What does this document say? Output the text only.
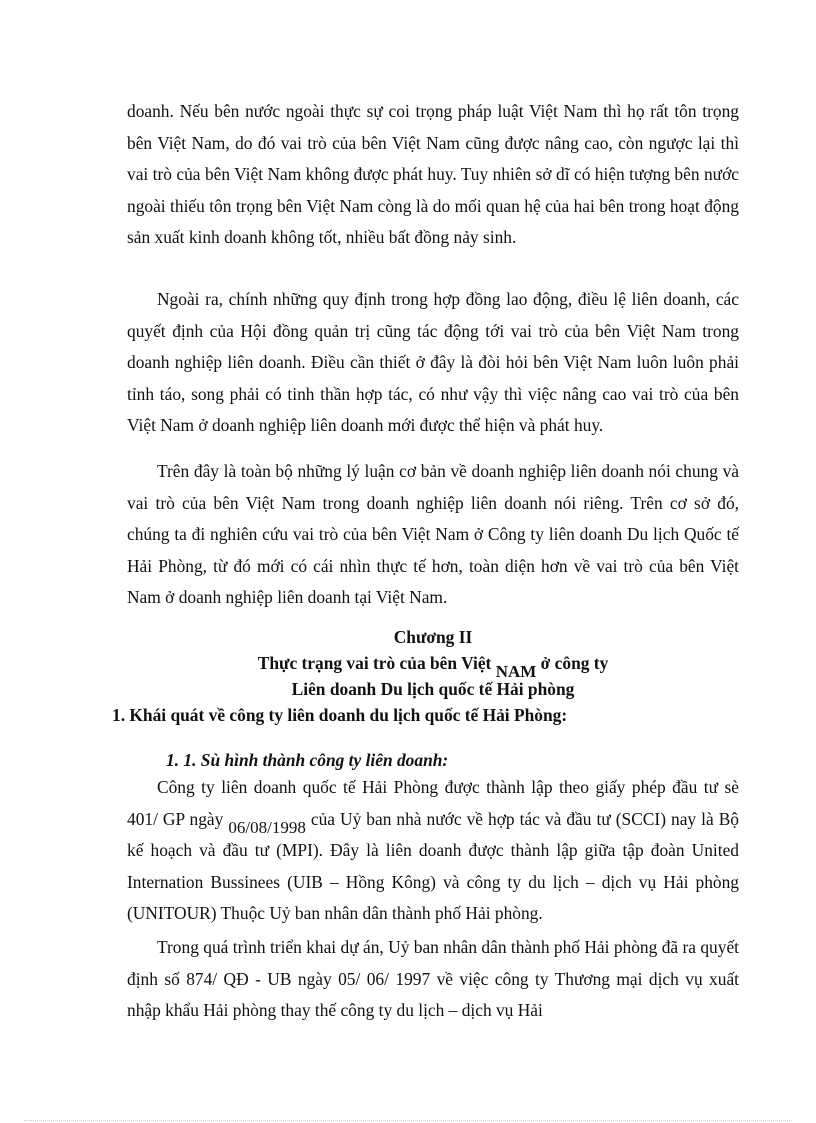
doanh. Nếu bên nước ngoài thực sự coi trọng pháp luật Việt Nam thì họ rất tôn trọng bên Việt Nam, do đó vai trò của bên Việt Nam cũng được nâng cao, còn ngược lại thì vai trò của bên Việt Nam không được phát huy. Tuy nhiên sở dĩ có hiện tượng bên nước ngoài thiếu tôn trọng bên Việt Nam còng là do mối quan hệ của hai bên trong hoạt động sản xuất kinh doanh không tốt, nhiều bất đồng nảy sinh.

Ngoài ra, chính những quy định trong hợp đồng lao động, điều lệ liên doanh, các quyết định của Hội đồng quản trị cũng tác động tới vai trò của bên Việt Nam trong doanh nghiệp liên doanh. Điều cần thiết ở đây là đòi hỏi bên Việt Nam luôn luôn phải tỉnh táo, song phải có tinh thần hợp tác, có như vậy thì việc nâng cao vai trò của bên Việt Nam ở doanh nghiệp liên doanh mới được thể hiện và phát huy.

Trên đây là toàn bộ những lý luận cơ bản về doanh nghiệp liên doanh nói chung và vai trò của bên Việt Nam trong doanh nghiệp liên doanh nói riêng. Trên cơ sở đó, chúng ta đi nghiên cứu vai trò của bên Việt Nam ở Công ty liên doanh Du lịch Quốc tế Hải Phòng, từ đó mới có cái nhìn thực tế hơn, toàn diện hơn về vai trò của bên Việt Nam ở doanh nghiệp liên doanh tại Việt Nam.

Chương II

Thực trạng vai trò của bên Việt NAM ở công ty

Liên doanh Du lịch quốc tế Hải phòng

1. Khái quát về công ty liên doanh du lịch quốc tế Hải Phòng:

1. 1. Sù hình thành công ty liên doanh:

Công ty liên doanh quốc tế Hải Phòng được thành lập theo giấy phép đầu tư sè 401/ GP ngày 06/08/1998 của Uỷ ban nhà nước về hợp tác và đầu tư (SCCI) nay là Bộ kế hoạch và đầu tư (MPI). Đây là liên doanh được thành lập giữa tập đoàn United Internation Bussinees (UIB – Hồng Kông) và công ty du lịch – dịch vụ Hải phòng (UNITOUR) Thuộc Uỷ ban nhân dân thành phố Hải phòng.

Trong quá trình triển khai dự án, Uỷ ban nhân dân thành phố Hải phòng đã ra quyết định số 874/ QĐ - UB ngày 05/ 06/ 1997 về việc công ty Thương mại dịch vụ xuất nhập khẩu Hải phòng thay thế công ty du lịch – dịch vụ Hải
